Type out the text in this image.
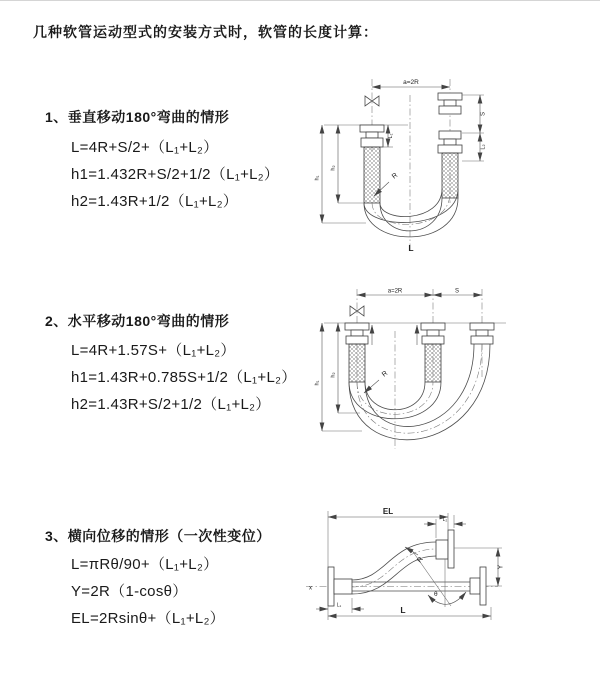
几种软管运动型式的安装方式时，软管的长度计算：
1、垂直移动180°弯曲的情形
L=4R+S/2+（L₁+L₂）
h1=1.432R+S/2+1/2（L₁+L₂）
h2=1.43R+1/2（L₁+L₂）
a=2R
S
L₂
L₁
h₁
h₂
R
L
2、水平移动180°弯曲的情形
L=4R+1.57S+（L₁+L₂）
h1=1.43R+0.785S+1/2（L₁+L₂）
h2=1.43R+S/2+1/2（L₁+L₂）
a=2R	S
h₁
h₂	R
3、横向位移的情形（一次性变位）
L=πRθ/90+（L₁+L₂）
Y=2R（1-cosθ）
EL=2Rsinθ+（L₁+L₂）
EL
L₂
Y
L
L₁
R
θ
x
